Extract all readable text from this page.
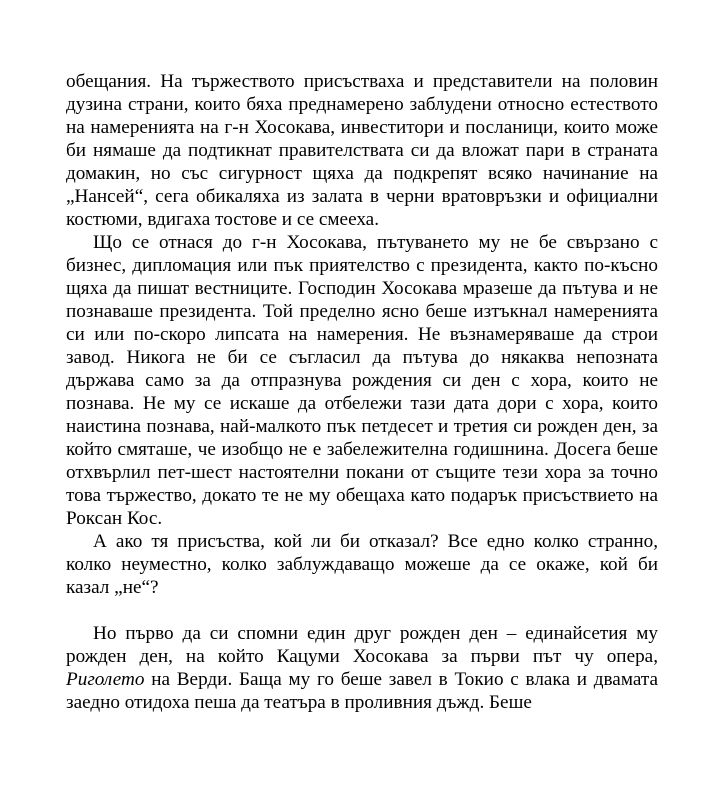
обещания. На тържеството присъстваха и представители на половин дузина страни, които бяха преднамерено заблудени относно естеството на намеренията на г-н Хосокава, инвеститори и посланици, които може би нямаше да подтикнат правителствата си да вложат пари в страната домакин, но със сигурност щяха да подкрепят всяко начинание на „Нансей“, сега обикаляха из залата в черни вратовръзки и официални костюми, вдигаха тостове и се смееха.

Що се отнася до г-н Хосокава, пътуването му не бе свързано с бизнес, дипломация или пък приятелство с президента, както по-късно щяха да пишат вестниците. Господин Хосокава мразеше да пътува и не познаваше президента. Той пределно ясно беше изтъкнал намеренията си или по-скоро липсата на намерения. Не възнамеряваше да строи завод. Никога не би се съгласил да пътува до някаква непозната държава само за да отпразнува рождения си ден с хора, които не познава. Не му се искаше да отбележи тази дата дори с хора, които наистина познава, най-малкото пък петдесет и третия си рожден ден, за който смяташе, че изобщо не е забележителна годишнина. Досега беше отхвърлил пет-шест настоятелни покани от същите тези хора за точно това тържество, докато те не му обещаха като подарък присъствието на Роксан Кос.

А ако тя присъства, кой ли би отказал? Все едно колко странно, колко неуместно, колко заблуждаващо можеше да се окаже, кой би казал „не“?

Но първо да си спомни един друг рожден ден – единайсетия му рожден ден, на който Кацуми Хосокава за първи път чу опера, Риголето на Верди. Баща му го беше завел в Токио с влака и двамата заедно отидоха пеша да театъра в проливния дъжд. Беше
